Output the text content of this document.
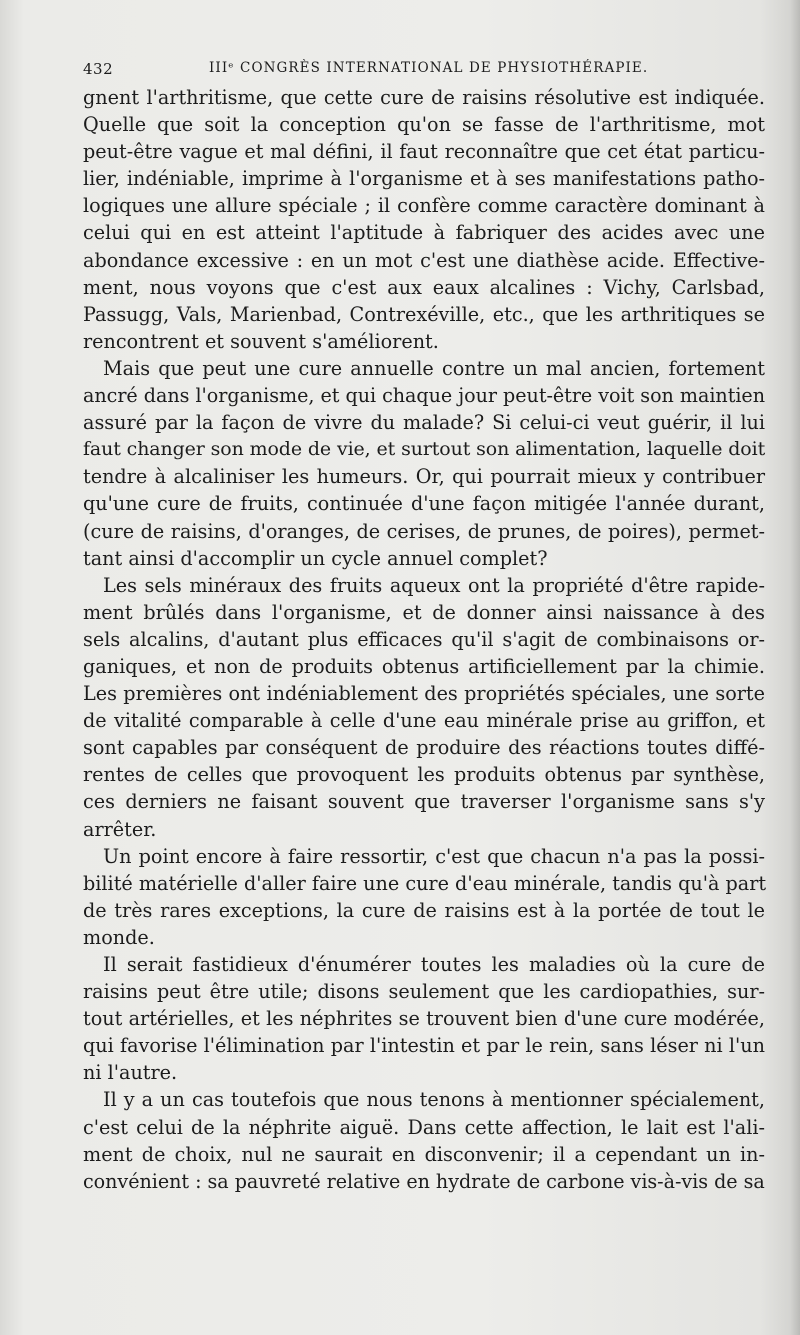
432	IIIᵉ CONGRÈS INTERNATIONAL DE PHYSIOTHÉRAPIE.

gnent l'arthritisme, que cette cure de raisins résolutive est indiquée.
Quelle que soit la conception qu'on se fasse de l'arthritisme, mot
peut-être vague et mal défini, il faut reconnaître que cet état particu-
lier, indéniable, imprime à l'organisme et à ses manifestations patho-
logiques une allure spéciale ; il confère comme caractère dominant à
celui qui en est atteint l'aptitude à fabriquer des acides avec une
abondance excessive : en un mot c'est une diathèse acide. Effective-
ment, nous voyons que c'est aux eaux alcalines : Vichy, Carlsbad,
Passugg, Vals, Marienbad, Contrexéville, etc., que les arthritiques se
rencontrent et souvent s'améliorent.

Mais que peut une cure annuelle contre un mal ancien, fortement
ancré dans l'organisme, et qui chaque jour peut-être voit son maintien
assuré par la façon de vivre du malade? Si celui-ci veut guérir, il lui
faut changer son mode de vie, et surtout son alimentation, laquelle doit
tendre à alcaliniser les humeurs. Or, qui pourrait mieux y contribuer
qu'une cure de fruits, continuée d'une façon mitigée l'année durant,
(cure de raisins, d'oranges, de cerises, de prunes, de poires), permet-
tant ainsi d'accomplir un cycle annuel complet?

Les sels minéraux des fruits aqueux ont la propriété d'être rapide-
ment brûlés dans l'organisme, et de donner ainsi naissance à des
sels alcalins, d'autant plus efficaces qu'il s'agit de combinaisons or-
ganiques, et non de produits obtenus artificiellement par la chimie.
Les premières ont indéniablement des propriétés spéciales, une sorte
de vitalité comparable à celle d'une eau minérale prise au griffon, et
sont capables par conséquent de produire des réactions toutes diffé-
rentes de celles que provoquent les produits obtenus par synthèse,
ces derniers ne faisant souvent que traverser l'organisme sans s'y
arrêter.

Un point encore à faire ressortir, c'est que chacun n'a pas la possi-
bilité matérielle d'aller faire une cure d'eau minérale, tandis qu'à part
de très rares exceptions, la cure de raisins est à la portée de tout le
monde.

Il serait fastidieux d'énumérer toutes les maladies où la cure de
raisins peut être utile; disons seulement que les cardiopathies, sur-
tout artérielles, et les néphrites se trouvent bien d'une cure modérée,
qui favorise l'élimination par l'intestin et par le rein, sans léser ni l'un
ni l'autre.

Il y a un cas toutefois que nous tenons à mentionner spécialement,
c'est celui de la néphrite aiguë. Dans cette affection, le lait est l'ali-
ment de choix, nul ne saurait en disconvenir; il a cependant un in-
convénient : sa pauvreté relative en hydrate de carbone vis-à-vis de sa
